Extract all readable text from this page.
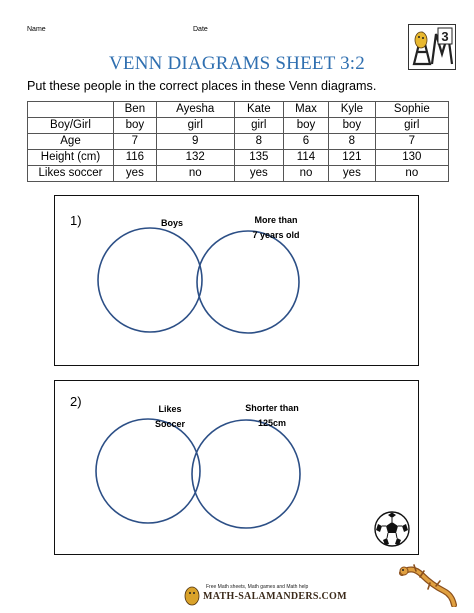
Name	Date	3
VENN DIAGRAMS SHEET 3:2
Put these people in the correct places in these Venn diagrams.
	Ben	Ayesha	Kate	Max	Kyle	Sophie
Boy/Girl	boy	girl	girl	boy	boy	girl
Age	7	9	8	6	8	7
Height (cm)	116	132	135	114	121	130
Likes soccer	yes	no	yes	no	yes	no
1)	Boys	More than
7 years old
2)	Likes
Soccer
Shorter than
125cm
Free Math sheets, Math games and Math help
MATH-SALAMANDERS.COM
